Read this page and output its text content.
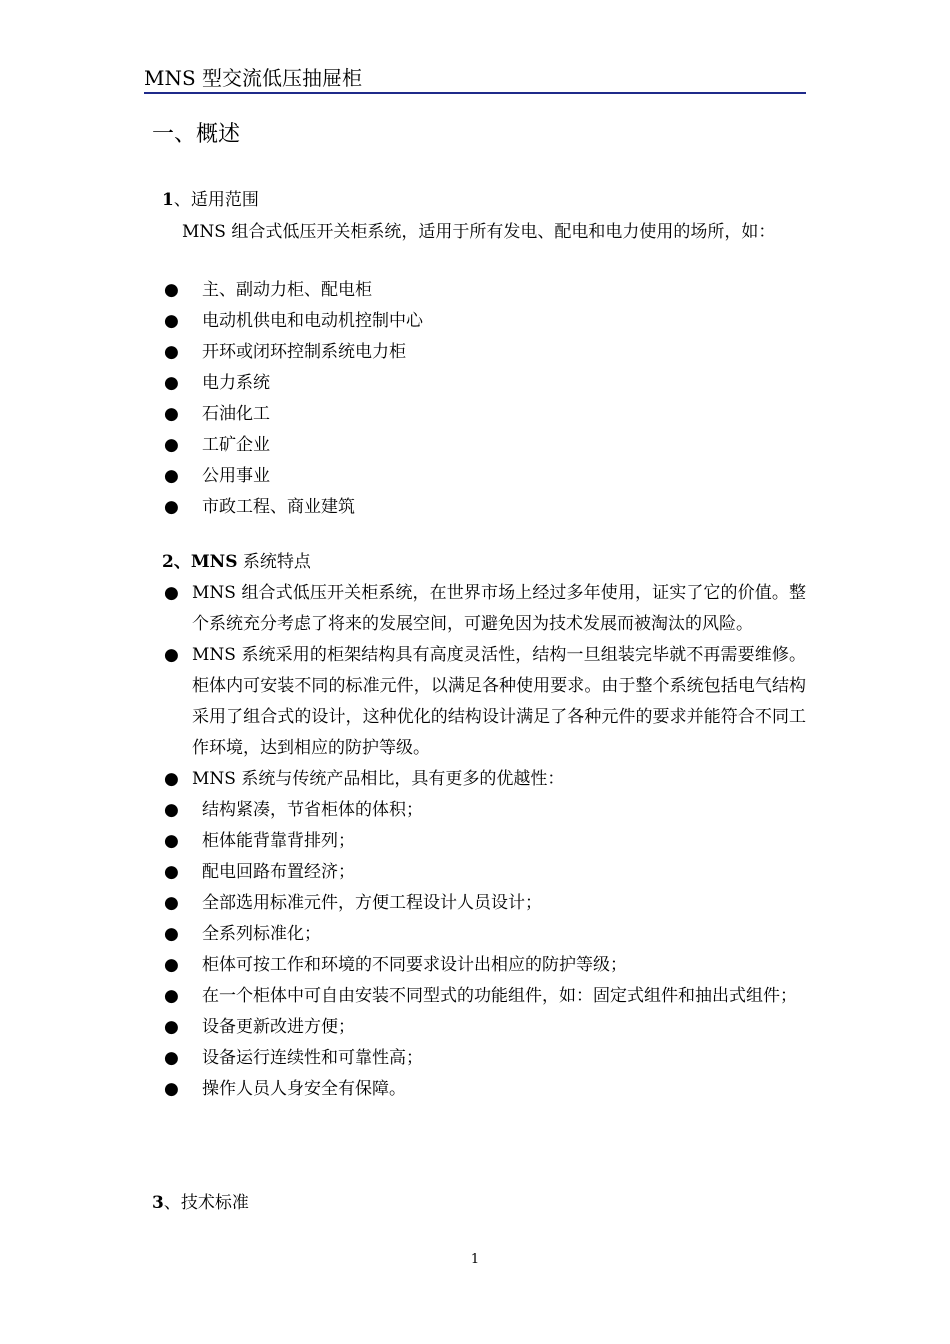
MNS 型交流低压抽屉柜
一、概述
1、适用范围
MNS 组合式低压开关柜系统，适用于所有发电、配电和电力使用的场所，如：
● 主、副动力柜、配电柜
● 电动机供电和电动机控制中心
● 开环或闭环控制系统电力柜
● 电力系统
● 石油化工
● 工矿企业
● 公用事业
● 市政工程、商业建筑
2、MNS 系统特点
● MNS 组合式低压开关柜系统，在世界市场上经过多年使用，证实了它的价值。整个系统充分考虑了将来的发展空间，可避免因为技术发展而被淘汰的风险。
● MNS 系统采用的柜架结构具有高度灵活性，结构一旦组装完毕就不再需要维修。柜体内可安装不同的标准元件，以满足各种使用要求。由于整个系统包括电气结构采用了组合式的设计，这种优化的结构设计满足了各种元件的要求并能符合不同工作环境，达到相应的防护等级。
● MNS 系统与传统产品相比，具有更多的优越性：
● 结构紧凑，节省柜体的体积；
● 柜体能背靠背排列；
● 配电回路布置经济；
● 全部选用标准元件，方便工程设计人员设计；
● 全系列标准化；
● 柜体可按工作和环境的不同要求设计出相应的防护等级；
● 在一个柜体中可自由安装不同型式的功能组件，如：固定式组件和抽出式组件；
● 设备更新改进方便；
● 设备运行连续性和可靠性高；
● 操作人员人身安全有保障。
3、技术标准
1
